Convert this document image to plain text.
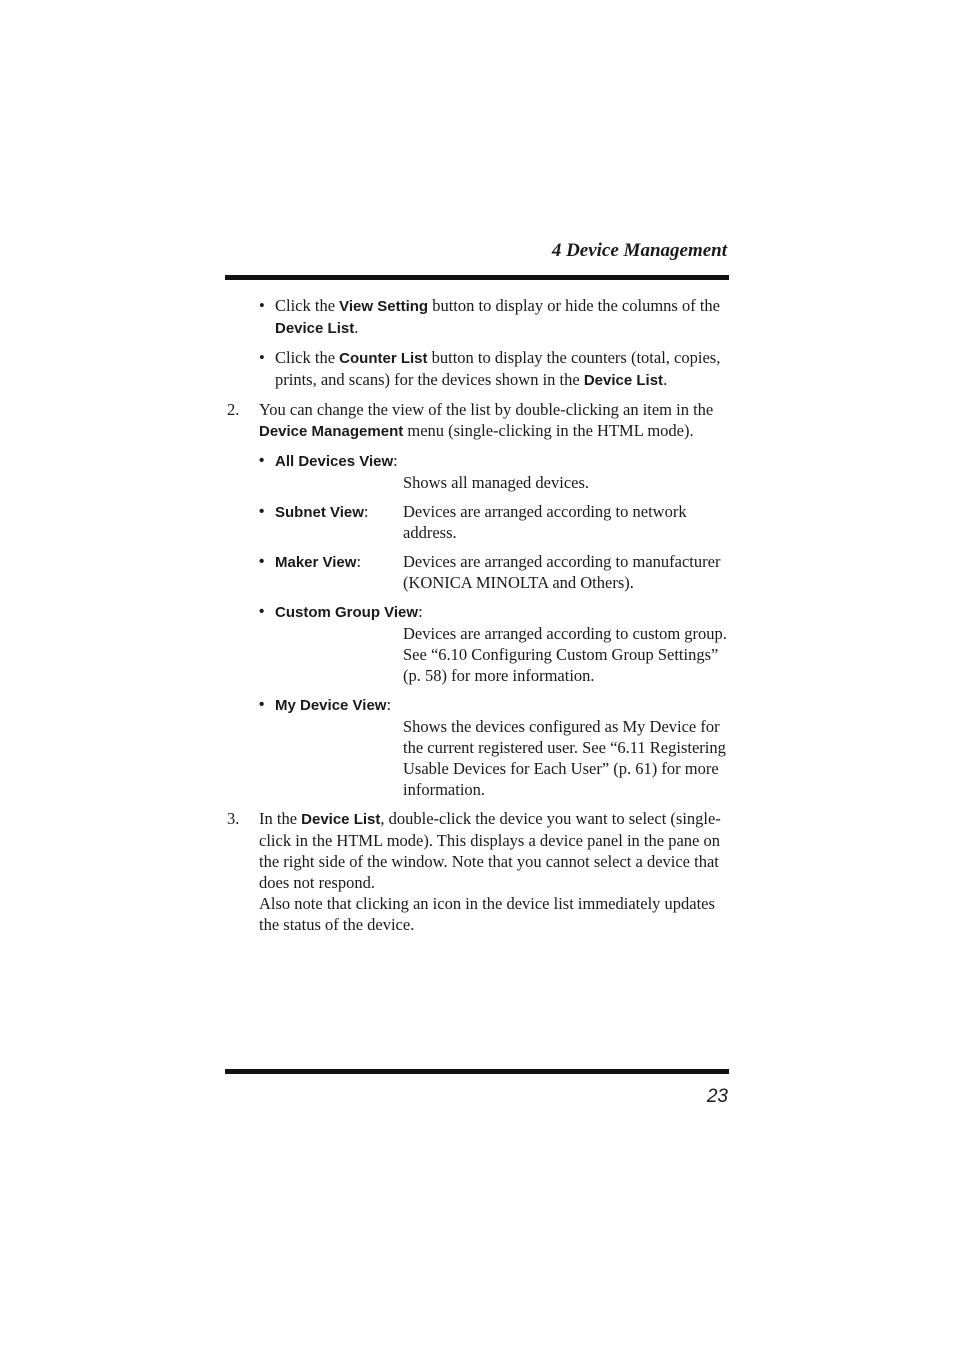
4 Device Management
• Click the View Setting button to display or hide the columns of the Device List.
• Click the Counter List button to display the counters (total, copies, prints, and scans) for the devices shown in the Device List.
2. You can change the view of the list by double-clicking an item in the Device Management menu (single-clicking in the HTML mode).
• All Devices View:
Shows all managed devices.
• Subnet View: Devices are arranged according to network address.
• Maker View:	Devices are arranged according to manufacturer (KONICA MINOLTA and Others).
• Custom Group View:
Devices are arranged according to custom group. See “6.10 Configuring Custom Group Settings” (p. 58) for more information.
• My Device View:
Shows the devices configured as My Device for the current registered user. See “6.11 Registering Usable Devices for Each User” (p. 61) for more information.
3. In the Device List, double-click the device you want to select (single-click in the HTML mode). This displays a device panel in the pane on the right side of the window. Note that you cannot select a device that does not respond.
Also note that clicking an icon in the device list immediately updates the status of the device.
23
